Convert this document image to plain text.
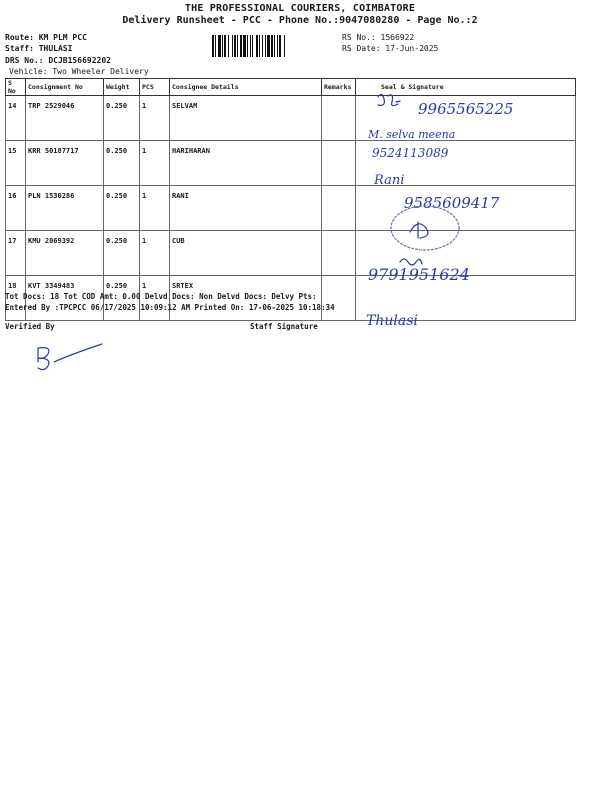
THE PROFESSIONAL COURIERS, COIMBATORE
Delivery Runsheet - PCC - Phone No.:9047080280 - Page No.:2
Route: KM PLM PCC
Staff: THULASI
DRS No.: DCJB156692202
Vehicle: Two Wheeler Delivery
RS No.: 1566922
RS Date: 17-Jun-2025
S No	Consignment No	Weight	PCS	Consignee Details	Remarks	Seal & Signature
14	TRP 2529046	0.250	1	SELVAM		
15	KRR 50187717	0.250	1	HARIHARAN		
16	PLN 1530286	0.250	1	RANI		
17	KMU 2069392	0.250	1	CUB		
18	KVT 3349483	0.250	1	SRTEX		
9965565225
M. selva meena
9524113089
Rani
9585609417
9791951624
Tot Docs: 18 Tot COD Amt: 0.00 Delvd Docs: Non Delvd Docs: Delvy Pts:
Entered By :TPCPCC 06/17/2025 10:09:12 AM Printed On: 17-06-2025 10:18:34
Verified By	Staff Signature	Thulasi
